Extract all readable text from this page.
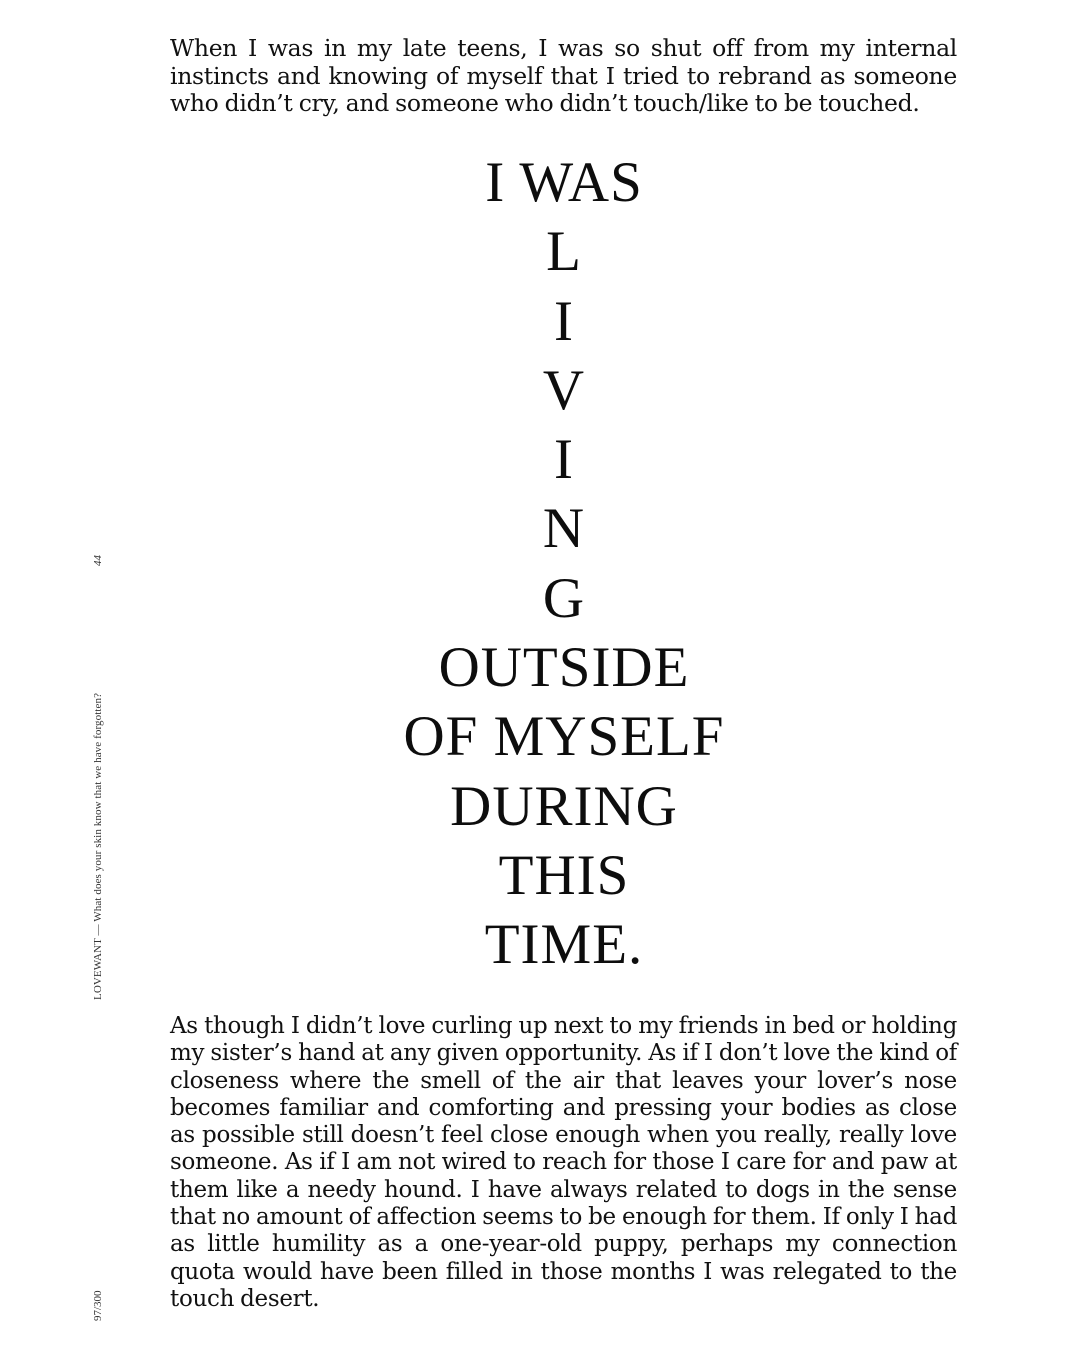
When I was in my late teens, I was so shut off from my internal instincts and knowing of myself that I tried to rebrand as someone who didn’t cry, and someone who didn’t touch/like to be touched.

I WAS
L
I
V
I
N
G
OUTSIDE
OF MYSELF
DURING
THIS
TIME.

As though I didn’t love curling up next to my friends in bed or holding my sister’s hand at any given opportunity. As if I don’t love the kind of closeness where the smell of the air that leaves your lover’s nose becomes familiar and comforting and pressing your bodies as close as possible still doesn’t feel close enough when you really, really love someone. As if I am not wired to reach for those I care for and paw at them like a needy hound. I have always related to dogs in the sense that no amount of affection seems to be enough for them. If only I had as little humility as a one-year-old puppy, perhaps my connection quota would have been filled in those months I was relegated to the touch desert.

44
LOVEWANT — What does your skin know that we have forgotten?
97/300
